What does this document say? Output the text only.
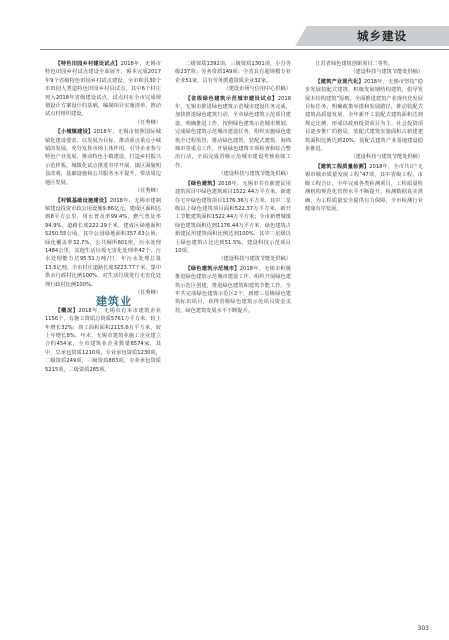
城乡建设

【特色田园乡村建设试点】2018年，无锡市特色田园乡村试点建设全面展开，锡本完成2017年9个省级特色田园乡村试点建设，全市和县30个市田园人类造特色田园乡村县试点，其中6个村庄列入2018年省级建设试点，试点村在全市完成规划设计方案设计的基础，编制项目实施清单，推动试点村组织建设。

（任秀峰）

【小城镇建设】2018年，无锡市按照国际城镇化建设要求，以发展为目标，推动重点重点小城镇的发展，充分发挥市场主体作用，引导企业参与特色产业发展，推动特色小镇建设，打造乡村振兴示范样板。城镇化试点推进有序开展，镇区面貌明显改观，基础设施和公共服务水平提升，带动周边地区发展。

（任秀峰）

【村镇基础设施建设】2018年，无锡市建制镇建设投资市政公用设施9.86亿元。建成区面积达到8平方公里，用水普及率99.4%，燃气普及率94.9%。道路长度222.29千米，建成区绿地面积5250.55公顷，其中公园绿地面积357.63公顷，绿化覆盖率32.7%，公共厕所601座，污水处理1484公里，其他生活垃圾无害化处理率42个，污水处理能力达95.51万吨/日，年污水处理总量13.5亿吨。全市村庄道路长度3223.77千米，集中供水行政村比例100%，对生活垃圾进行无害化处理行政村比例100%。

（任秀峰）

建筑业

【概况】2018年，无锡市有本市建筑企业1156个，有施工资质总资质5761万平方米，较上年增长32%；竣工面积面积2115.6万平方米，较上年增长8%。年末，无锡市建筑业施工企业建立合约454家，全市建筑业企业数量6574家，其中，总承包资质1210项，专业承包资质1230项，二级资质249项，三级资质883项，专业承包资质5215项，二级资质285项。

二级资质1392项，三级资质1301项，小分等级237项；劳务资质149项；全省具有超规模专业企业51家，具有劳务派遣资质企业32家。

（建设市场与信用中心供稿）

【省级绿色建筑示范城市建设试点】2018年，无锡市推进绿色建筑示范城市建设任务完成，加快推进绿色建筑行动，全市绿色建筑示范项目建设，明确推进工作，按照绿色建筑示范城市规划，完成绿色建筑示范城市建设任务，组织实施绿色建筑全过程监管，推动绿色建筑、装配式建筑、海绵城市等重点工作，开展绿色建筑专项检查和综合整治行动，全面完成省级示范城市建设考核验收工作。

（建设科技与建筑节能处供稿）

【绿色建筑】2018年，无锡市共有新建民用建筑项目中绿色建筑项目1522.44万平方米，新建住宅中绿色建筑项目1176.36万平方米，其中二星级以上绿色建筑项目面积522.37万平方米，新开工节能建筑面积1522.44万平方米；全市新增城镇绿色建筑面积达到1176.44万平方米，绿色建筑占新建民用建筑面积比例达到100%，其中二星级以上绿色建筑占比达到51.5%，建设科技示范项目10项。

（建设科技与建筑节能处供稿）

【绿色建筑示范城市】2018年，无锡市积极推进绿色建筑示范城市建设工作，组织开展绿色建筑示范区创建，推进绿色建筑和建筑节能工作。全年共完成绿色建筑示范区2个，新增三星级绿色建筑标识项目，获得省级绿色建筑示范项目资金支持，绿色建筑发展水平不断提升。

江苏省绿色建筑创新项目二等奖。

（建设科技与建筑节能处供稿）

【建筑产业现代化】2018年，无锡市坚持“稳步发展装配式建筑、积极发展钢结构建筑、倡导发展木结构建筑”原则，全面推进建筑产业现代化发展目标任务，明确政策举措和发展路径，推动装配式建筑高质量发展。全年新开工装配式建筑面积达到规定比例，形成以政府投资项目为主、社会投资项目逐步推广的格局，装配式建筑实施面积占新建建筑面积比例达到20%，装配式建筑产业基地建设稳步推进。

（建设科技与建筑节能处供稿）

【建筑工程质量检测】2018年，全市共计“无锡市城市质量发展工程”47项，其中省级工程、市级工程合计，全年完成各类检测项目，工程质量检测机构规范化管理水平不断提升，检测数据真实准确，为工程质量安全提供有力保障，全市检测行业健康有序发展。

303
